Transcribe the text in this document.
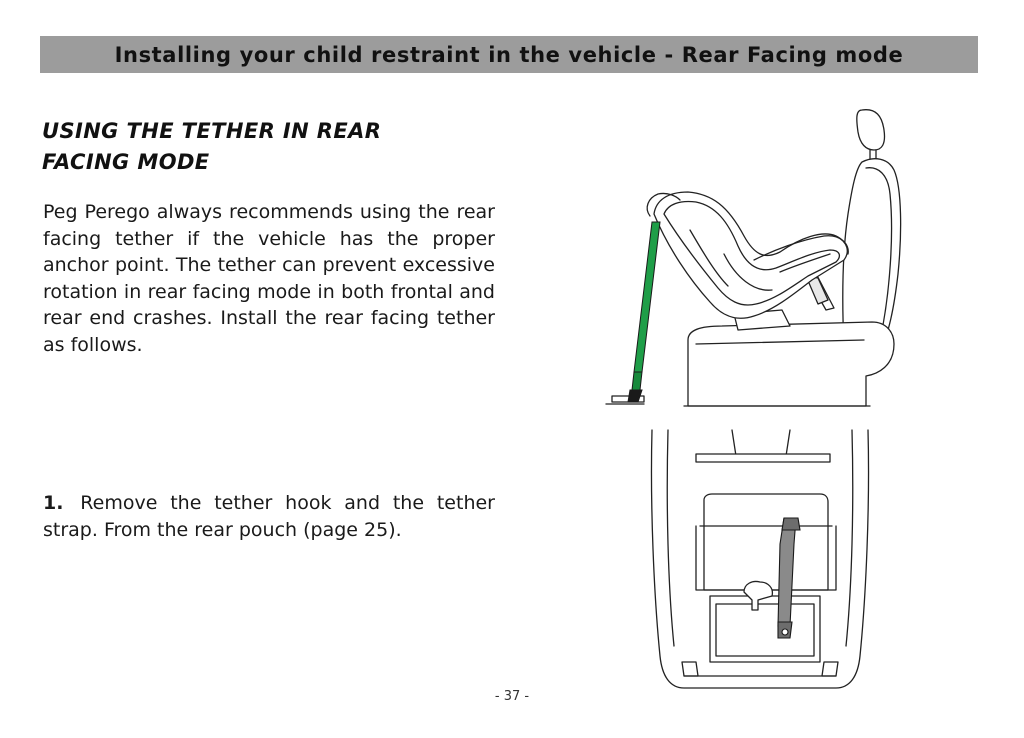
Installing your child restraint in the vehicle - Rear Facing mode
USING THE TETHER IN REAR
FACING MODE

Peg Perego always recommends using the rear facing tether if the vehicle has the proper anchor point. The tether can prevent excessive rotation in rear facing mode in both frontal and rear end crashes. Install the rear facing tether as follows.

1. Remove the tether hook and the tether strap. From the rear pouch (page 25).

- 37 -
